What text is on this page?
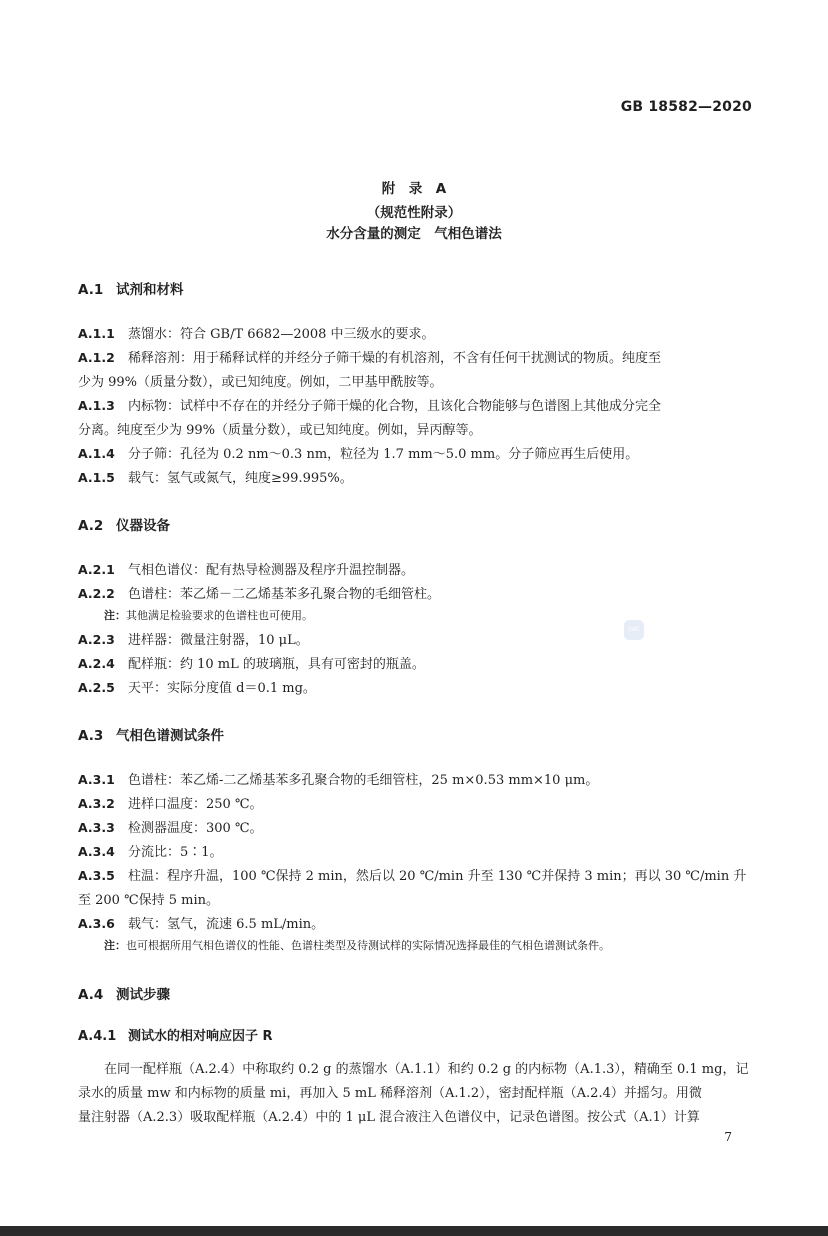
GB 18582—2020
附　录　A
（规范性附录）
水分含量的测定　气相色谱法
A.1 试剂和材料
A.1.1 蒸馏水：符合 GB/T 6682—2008 中三级水的要求。
A.1.2 稀释溶剂：用于稀释试样的并经分子筛干燥的有机溶剂，不含有任何干扰测试的物质。纯度至
少为 99%（质量分数），或已知纯度。例如，二甲基甲酰胺等。
A.1.3 内标物：试样中不存在的并经分子筛干燥的化合物，且该化合物能够与色谱图上其他成分完全
分离。纯度至少为 99%（质量分数），或已知纯度。例如，异丙醇等。
A.1.4 分子筛：孔径为 0.2 nm～0.3 nm，粒径为 1.7 mm～5.0 mm。分子筛应再生后使用。
A.1.5 载气：氢气或氮气，纯度≥99.995%。
A.2 仪器设备
A.2.1 气相色谱仪：配有热导检测器及程序升温控制器。
A.2.2 色谱柱：苯乙烯－二乙烯基苯多孔聚合物的毛细管柱。
注：其他满足检验要求的色谱柱也可使用。
A.2.3 进样器：微量注射器，10 μL。
A.2.4 配样瓶：约 10 mL 的玻璃瓶，具有可密封的瓶盖。
A.2.5 天平：实际分度值 d＝0.1 mg。
SAC
A.3 气相色谱测试条件
A.3.1 色谱柱：苯乙烯-二乙烯基苯多孔聚合物的毛细管柱，25 m×0.53 mm×10 μm。
A.3.2 进样口温度：250 ℃。
A.3.3 检测器温度：300 ℃。
A.3.4 分流比：5∶1。
A.3.5 柱温：程序升温，100 ℃保持 2 min，然后以 20 ℃/min 升至 130 ℃并保持 3 min；再以 30 ℃/min 升
至 200 ℃保持 5 min。
A.3.6 载气：氢气，流速 6.5 mL/min。
注：也可根据所用气相色谱仪的性能、色谱柱类型及待测试样的实际情况选择最佳的气相色谱测试条件。
A.4 测试步骤
A.4.1 测试水的相对响应因子 R
在同一配样瓶（A.2.4）中称取约 0.2 g 的蒸馏水（A.1.1）和约 0.2 g 的内标物（A.1.3），精确至 0.1 mg，记
录水的质量 mw 和内标物的质量 mi，再加入 5 mL 稀释溶剂（A.1.2），密封配样瓶（A.2.4）并摇匀。用微
量注射器（A.2.3）吸取配样瓶（A.2.4）中的 1 μL 混合液注入色谱仪中，记录色谱图。按公式（A.1）计算
7
